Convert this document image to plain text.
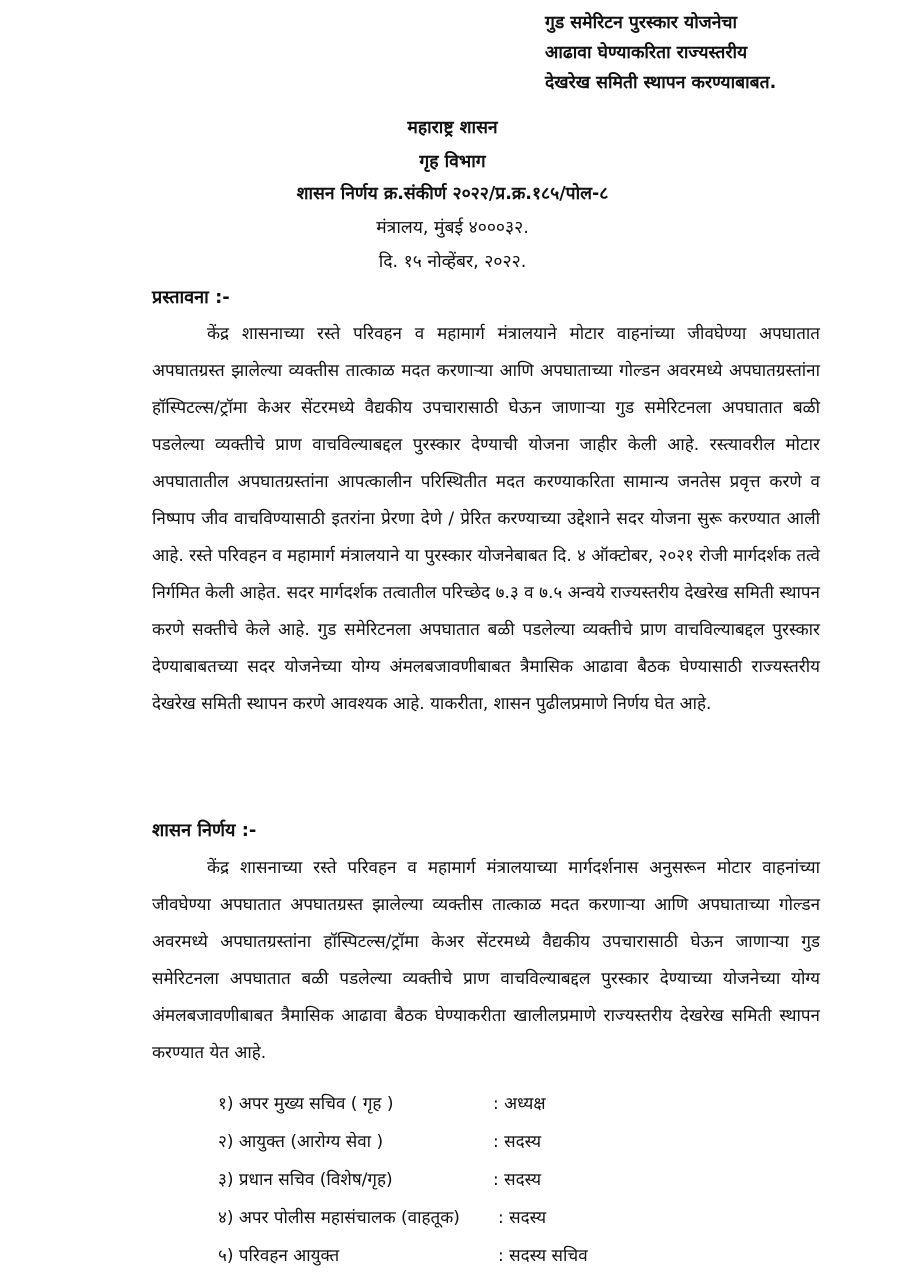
गुड समेरिटन पुरस्कार योजनेचा
आढावा घेण्याकरिता राज्यस्तरीय
देखरेख समिती स्थापन करण्याबाबत.
महाराष्ट्र शासन
गृह विभाग
शासन निर्णय क्र.संकीर्ण २०२२/प्र.क्र.१८५/पोल-८
मंत्रालय, मुंबई ४०००३२.
दि. १५ नोव्हेंबर, २०२२.
प्रस्तावना :-
केंद्र शासनाच्या रस्ते परिवहन व महामार्ग मंत्रालयाने मोटार वाहनांच्या जीवघेण्या अपघातात अपघातग्रस्त झालेल्या व्यक्तीस तात्काळ मदत करणाऱ्या आणि अपघाताच्या गोल्डन अवरमध्ये अपघातग्रस्तांना हॉस्पिटल्स/ट्रॉमा केअर सेंटरमध्ये वैद्यकीय उपचारासाठी घेऊन जाणाऱ्या गुड समेरिटनला अपघातात बळी पडलेल्या व्यक्तीचे प्राण वाचविल्याबद्दल पुरस्कार देण्याची योजना जाहीर केली आहे. रस्त्यावरील मोटार अपघातातील अपघातग्रस्तांना आपत्कालीन परिस्थितीत मदत करण्याकरिता सामान्य जनतेस प्रवृत्त करणे व निष्पाप जीव वाचविण्यासाठी इतरांना प्रेरणा देणे / प्रेरित करण्याच्या उद्देशाने सदर योजना सुरू करण्यात आली आहे. रस्ते परिवहन व महामार्ग मंत्रालयाने या पुरस्कार योजनेबाबत दि. ४ ऑक्टोबर, २०२१ रोजी मार्गदर्शक तत्वे निर्गमित केली आहेत. सदर मार्गदर्शक तत्वातील परिच्छेद ७.३ व ७.५ अन्वये राज्यस्तरीय देखरेख समिती स्थापन करणे सक्तीचे केले आहे. गुड समेरिटनला अपघातात बळी पडलेल्या व्यक्तीचे प्राण वाचविल्याबद्दल पुरस्कार देण्याबाबतच्या सदर योजनेच्या योग्य अंमलबजावणीबाबत त्रैमासिक आढावा बैठक घेण्यासाठी राज्यस्तरीय देखरेख समिती स्थापन करणे आवश्यक आहे. याकरीता, शासन पुढीलप्रमाणे निर्णय घेत आहे.
शासन निर्णय :-
केंद्र शासनाच्या रस्ते परिवहन व महामार्ग मंत्रालयाच्या मार्गदर्शनास अनुसरून मोटार वाहनांच्या जीवघेण्या अपघातात अपघातग्रस्त झालेल्या व्यक्तीस तात्काळ मदत करणाऱ्या आणि अपघाताच्या गोल्डन अवरमध्ये अपघातग्रस्तांना हॉस्पिटल्स/ट्रॉमा केअर सेंटरमध्ये वैद्यकीय उपचारासाठी घेऊन जाणाऱ्या गुड समेरिटनला अपघातात बळी पडलेल्या व्यक्तीचे प्राण वाचविल्याबद्दल पुरस्कार देण्याच्या योजनेच्या योग्य अंमलबजावणीबाबत त्रैमासिक आढावा बैठक घेण्याकरीता खालीलप्रमाणे राज्यस्तरीय देखरेख समिती स्थापन करण्यात येत आहे.
१) अपर मुख्य सचिव ( गृह )	: अध्यक्ष
२) आयुक्त (आरोग्य सेवा )	: सदस्य
३) प्रधान सचिव (विशेष/गृह)	: सदस्य
४) अपर पोलीस महासंचालक (वाहतूक) : सदस्य
५) परिवहन आयुक्त	: सदस्य सचिव
